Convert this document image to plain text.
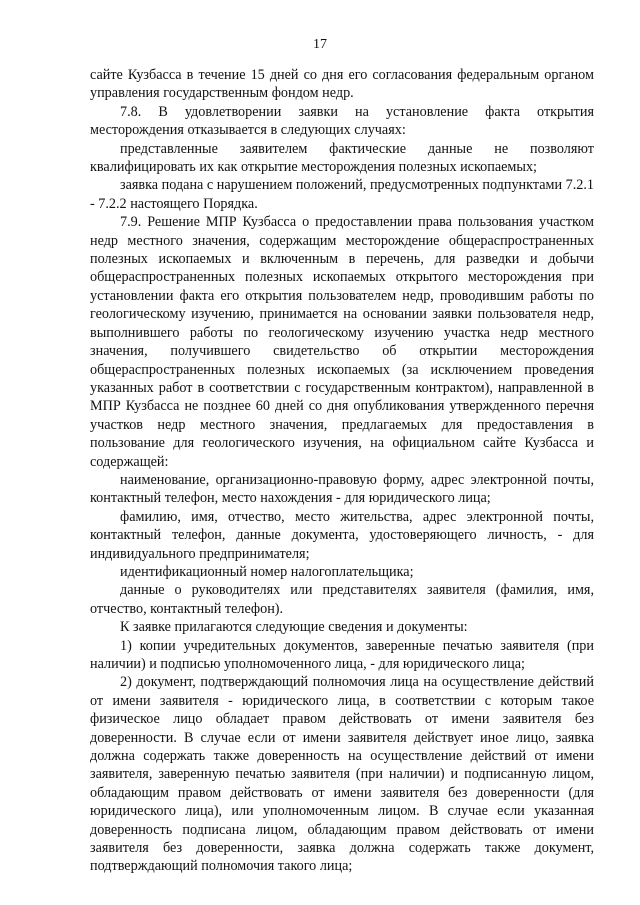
17

сайте Кузбасса в течение 15 дней со дня его согласования федеральным органом управления государственным фондом недр.

7.8. В удовлетворении заявки на установление факта открытия месторождения отказывается в следующих случаях:

представленные заявителем фактические данные не позволяют квалифицировать их как открытие месторождения полезных ископаемых;

заявка подана с нарушением положений, предусмотренных подпунктами 7.2.1 - 7.2.2 настоящего Порядка.

7.9. Решение МПР Кузбасса о предоставлении права пользования участком недр местного значения, содержащим месторождение общераспространенных полезных ископаемых и включенным в перечень, для разведки и добычи общераспространенных полезных ископаемых открытого месторождения при установлении факта его открытия пользователем недр, проводившим работы по геологическому изучению, принимается на основании заявки пользователя недр, выполнившего работы по геологическому изучению участка недр местного значения, получившего свидетельство об открытии месторождения общераспространенных полезных ископаемых (за исключением проведения указанных работ в соответствии с государственным контрактом), направленной в МПР Кузбасса не позднее 60 дней со дня опубликования утвержденного перечня участков недр местного значения, предлагаемых для предоставления в пользование для геологического изучения, на официальном сайте Кузбасса и содержащей:

наименование, организационно-правовую форму, адрес электронной почты, контактный телефон, место нахождения - для юридического лица;

фамилию, имя, отчество, место жительства, адрес электронной почты, контактный телефон, данные документа, удостоверяющего личность, - для индивидуального предпринимателя;

идентификационный номер налогоплательщика;

данные о руководителях или представителях заявителя (фамилия, имя, отчество, контактный телефон).

К заявке прилагаются следующие сведения и документы:

1) копии учредительных документов, заверенные печатью заявителя (при наличии) и подписью уполномоченного лица, - для юридического лица;

2) документ, подтверждающий полномочия лица на осуществление действий от имени заявителя - юридического лица, в соответствии с которым такое физическое лицо обладает правом действовать от имени заявителя без доверенности. В случае если от имени заявителя действует иное лицо, заявка должна содержать также доверенность на осуществление действий от имени заявителя, заверенную печатью заявителя (при наличии) и подписанную лицом, обладающим правом действовать от имени заявителя без доверенности (для юридического лица), или уполномоченным лицом. В случае если указанная доверенность подписана лицом, обладающим правом действовать от имени заявителя без доверенности, заявка должна содержать также документ, подтверждающий полномочия такого лица;
